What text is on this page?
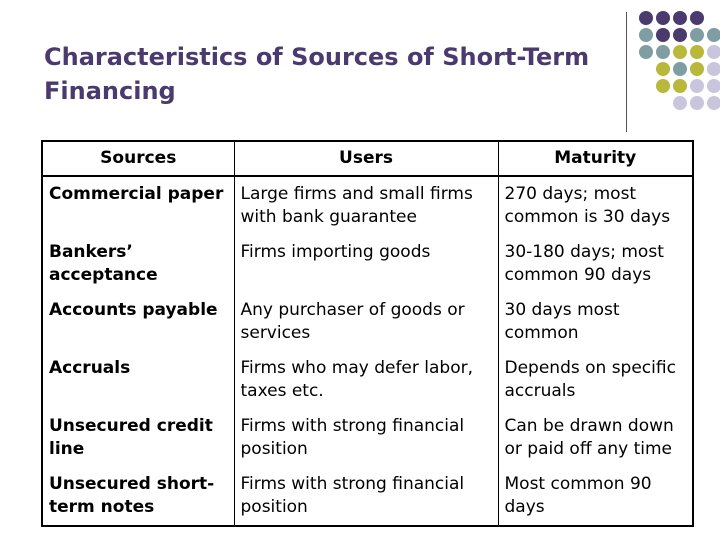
Characteristics of Sources of Short-Term Financing
Sources	Users	Maturity
Commercial paper	Large firms and small firms with bank guarantee	270 days; most common is 30 days
Bankers’ acceptance	Firms importing goods	30-180 days; most common 90 days
Accounts payable	Any purchaser of goods or services	30 days most common
Accruals	Firms who may defer labor, taxes etc.	Depends on specific accruals
Unsecured credit line	Firms with strong financial position	Can be drawn down or paid off any time
Unsecured short-term notes	Firms with strong financial position	Most common 90 days
